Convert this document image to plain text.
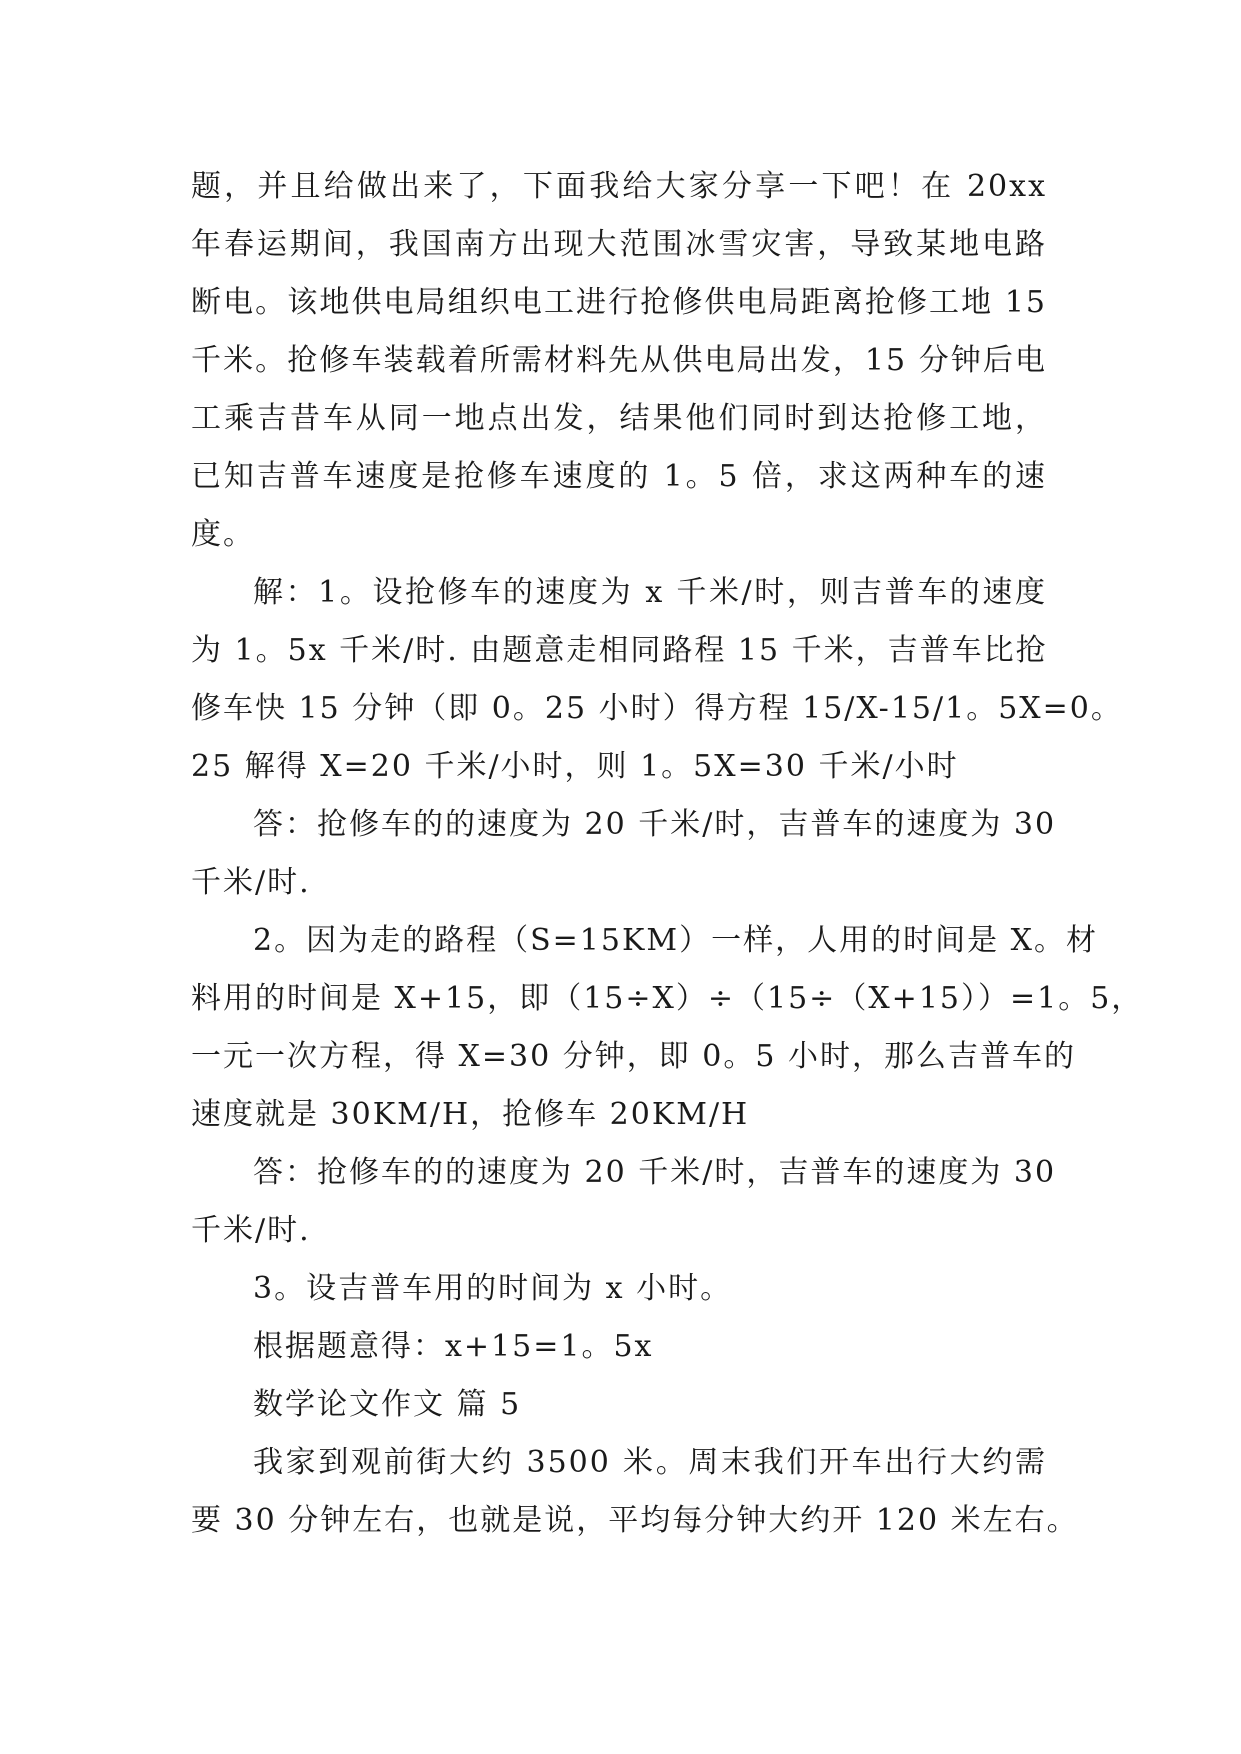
题，并且给做出来了，下面我给大家分享一下吧！在 20xx
年春运期间，我国南方出现大范围冰雪灾害，导致某地电路
断电。该地供电局组织电工进行抢修供电局距离抢修工地 15
千米。抢修车装载着所需材料先从供电局出发，15 分钟后电
工乘吉昔车从同一地点出发，结果他们同时到达抢修工地，
已知吉普车速度是抢修车速度的 1。5 倍，求这两种车的速
度。
解：1。设抢修车的速度为 x 千米/时，则吉普车的速度
为 1。5x 千米/时. 由题意走相同路程 15 千米，吉普车比抢
修车快 15 分钟（即 0。25 小时）得方程 15/X-15/1。5X=0。
25 解得 X=20 千米/小时，则 1。5X=30 千米/小时
答：抢修车的的速度为 20 千米/时，吉普车的速度为 30
千米/时.
2。因为走的路程（S=15KM）一样，人用的时间是 X。材
料用的时间是 X+15，即（15÷X）÷（15÷（X+15））=1。5，
一元一次方程，得 X=30 分钟，即 0。5 小时，那么吉普车的
速度就是 30KM/H，抢修车 20KM/H
答：抢修车的的速度为 20 千米/时，吉普车的速度为 30
千米/时.
3。设吉普车用的时间为 x 小时。
根据题意得：x+15=1。5x
数学论文作文 篇 5
我家到观前街大约 3500 米。周末我们开车出行大约需
要 30 分钟左右，也就是说，平均每分钟大约开 120 米左右。
